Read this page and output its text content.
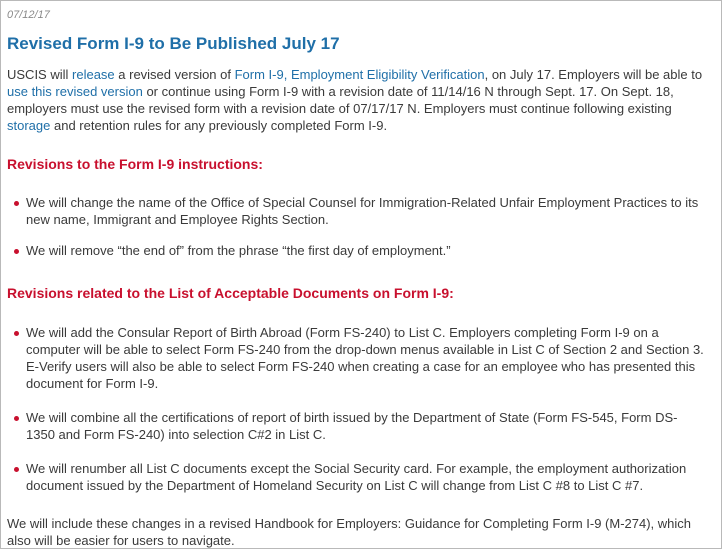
07/12/17
Revised Form I-9 to Be Published July 17

USCIS will release a revised version of Form I-9, Employment Eligibility Verification, on July 17. Employers will be able to use this revised version or continue using Form I-9 with a revision date of 11/14/16 N through Sept. 17. On Sept. 18, employers must use the revised form with a revision date of 07/17/17 N. Employers must continue following existing storage and retention rules for any previously completed Form I-9.

Revisions to the Form I-9 instructions:
We will change the name of the Office of Special Counsel for Immigration-Related Unfair Employment Practices to its new name, Immigrant and Employee Rights Section.
We will remove “the end of” from the phrase “the first day of employment.”
Revisions related to the List of Acceptable Documents on Form I-9:
We will add the Consular Report of Birth Abroad (Form FS-240) to List C. Employers completing Form I-9 on a computer will be able to select Form FS-240 from the drop-down menus available in List C of Section 2 and Section 3. E-Verify users will also be able to select Form FS-240 when creating a case for an employee who has presented this document for Form I-9.
We will combine all the certifications of report of birth issued by the Department of State (Form FS-545, Form DS-1350 and Form FS-240) into selection C#2 in List C.
We will renumber all List C documents except the Social Security card. For example, the employment authorization document issued by the Department of Homeland Security on List C will change from List C #8 to List C #7.

We will include these changes in a revised Handbook for Employers: Guidance for Completing Form I-9 (M-274), which also will be easier for users to navigate.
